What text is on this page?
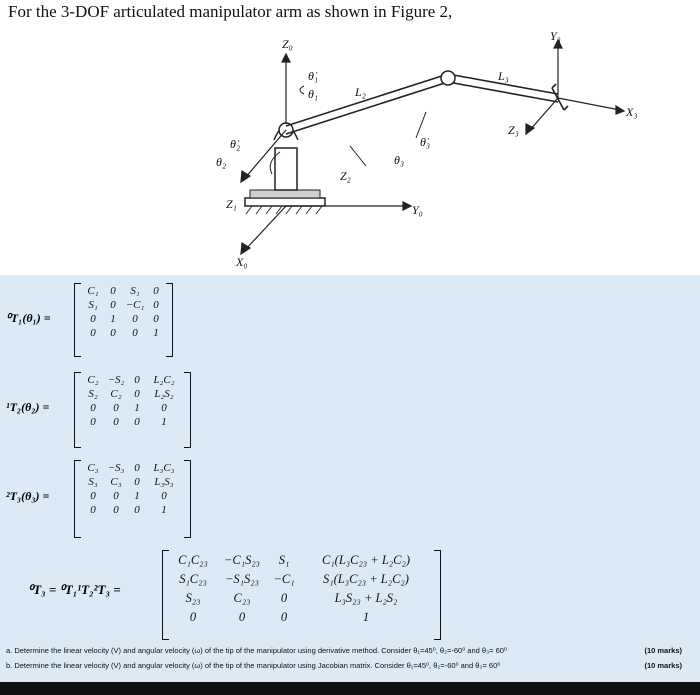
For the 3-DOF articulated manipulator arm as shown in Figure 2,
Z₀
θ̇₁
θ₁	L₂
L₃
Y₃
X₃
Z₃
θ̇₃
θ₃
θ̇₂
θ₂
Z₂
Z₁	Y₀
X₀
⁰T₁(θ₁) =
C₁	0	S₁	0
S₁	0 −C₁ 0
0	1	0	0
0	0	0	1
¹T₂(θ₂) =
C₂ −S₂ 0	L₂C₂
S₂	C₂	0	L₂S₂
0	0	1	0
0	0	0	1
²T₃(θ₃) =
C₃ −S₃ 0	L₃C₃
S₃	C₃	0	L₃S₃
0	0	1	0
0	0	0	1
⁰T₃ = ⁰T₁¹T₂²T₃ =
C₁C₂₃	−C₁S₂₃	S₁	C₁(L₃C₂₃ + L₂C₂)
S₁C₂₃	−S₁S₂₃	−C₁	S₁(L₃C₂₃ + L₂C₂)
S₂₃	C₂₃	0	L₃S₂₃ + L₂S₂
0	0	0	1
a. Determine the linear velocity (V) and angular velocity (ω) of the tip of the manipulator using derivative method. Consider θ₁=45⁰, θ₂=-60⁰ and θ₃= 60⁰	(10 marks)
b. Determine the linear velocity (V) and angular velocity (ω) of the tip of the manipulator using Jacobian matrix. Consider θ₁=45⁰, θ₂=-60⁰ and θ₃= 60⁰	(10 marks)
